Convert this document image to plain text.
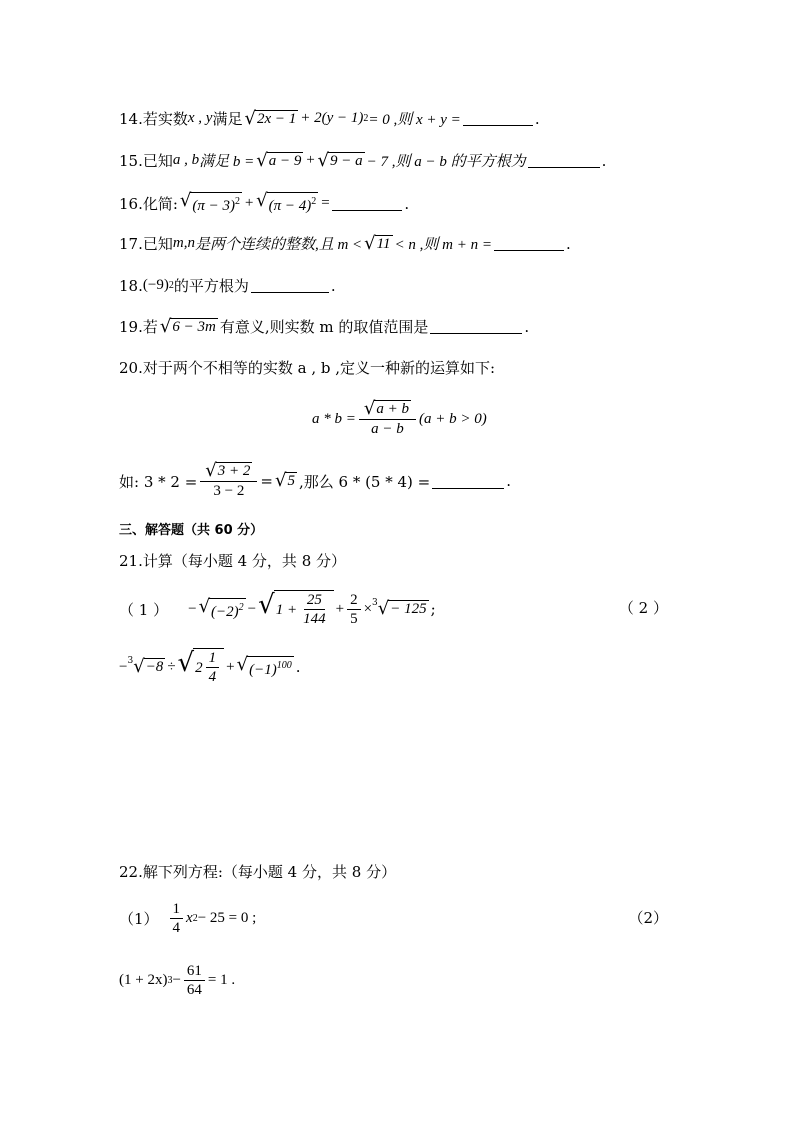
14.若实数 x , y 满足 √ 2x − 1 + 2(y − 1) 2 = 0 ,则 x + y =	.
15.已知 a , b 满足 b = √ a − 9 + √ 9 − a − 7 ,则 a − b 的平方根为	.
16.化简: √ $(\pi - 3)^2$ + √ $(\pi - 4)^2$ =	.
17.已知 m,n 是两个连续的整数,且 m < √ 11 < n ,则 m + n =	.
18. (−9) 2 的平方根为	.
19.若 √ 6 − 3m 有意义,则实数 m 的取值范围是	.
20.对于两个不相等的实数 a , b ,定义一种新的运算如下:
$a * b = \frac{√ a + b}{a - b} (a + b > 0)$
如: $3 * 2 = \frac{√ 3 + 2}{3 - 2}$ = √ 5 ,那么 6 * (5 * 4) =	.
三、解答题（共 60 分）
21.计算（每小题 4 分，共 8 分）
（ 1 ） − √ $(-2)^2$ − √ $1 + \frac{25}{144} + \frac{2}{5} \times 3$ √ − 125 ;	（ 2 ）
− 3 √ −8 ÷ √ $2 \frac{1}{4}$ + √ $(-1)^{100}$ .
22.解下列方程:（每小题 4 分，共 8 分）
$(1) \frac{1}{4}$ x 2 − 25 = 0 ;	（2）
(1 + 2x) $3 - \frac{61}{64} = 1$ .
